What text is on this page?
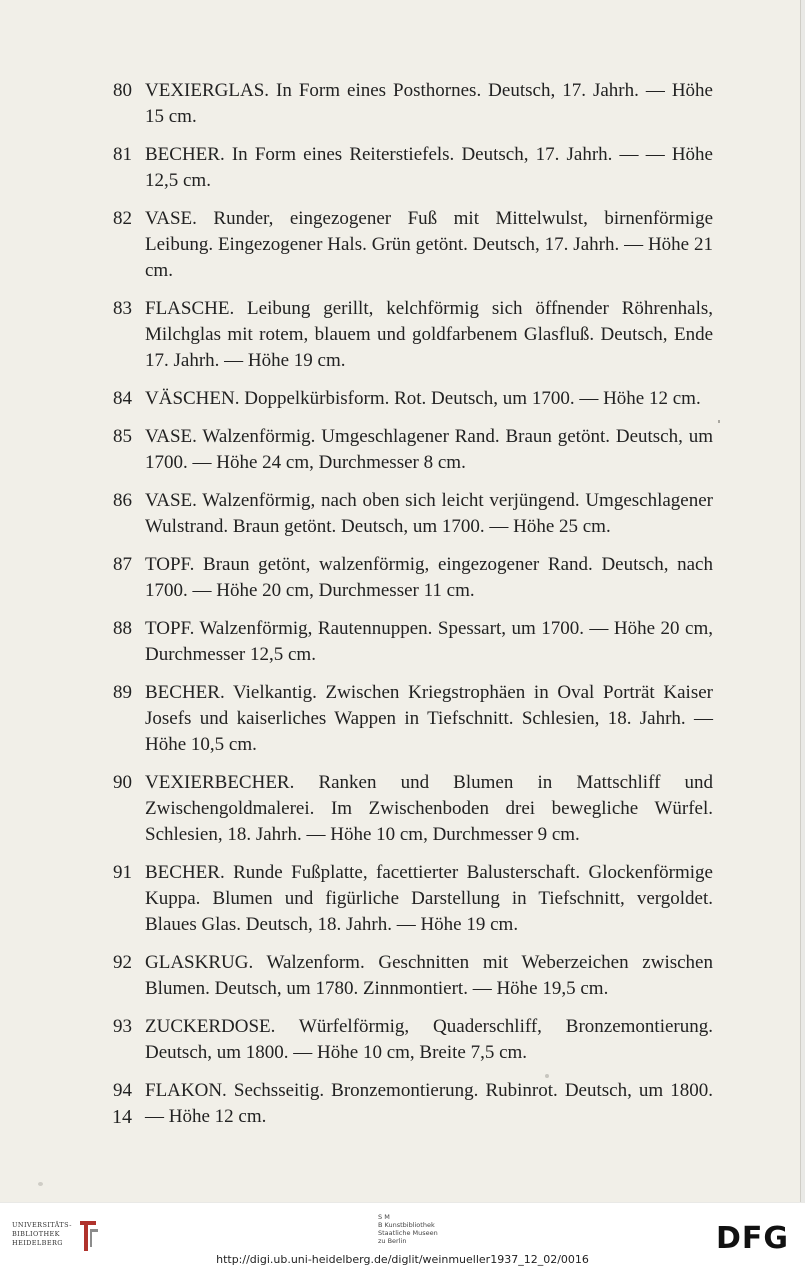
80 VEXIERGLAS. In Form eines Posthornes. Deutsch, 17. Jahrh. — Höhe 15 cm.
81 BECHER. In Form eines Reiterstiefels. Deutsch, 17. Jahrh. — — Höhe 12,5 cm.
82 VASE. Runder, eingezogener Fuß mit Mittelwulst, birnenförmige Leibung. Eingezogener Hals. Grün getönt. Deutsch, 17. Jahrh. — Höhe 21 cm.
83 FLASCHE. Leibung gerillt, kelchförmig sich öffnender Röhrenhals, Milchglas mit rotem, blauem und goldfarbenem Glasfluß. Deutsch, Ende 17. Jahrh. — Höhe 19 cm.
84 VÄSCHEN. Doppelkürbisform. Rot. Deutsch, um 1700. — Höhe 12 cm.
85 VASE. Walzenförmig. Umgeschlagener Rand. Braun getönt. Deutsch, um 1700. — Höhe 24 cm, Durchmesser 8 cm.
86 VASE. Walzenförmig, nach oben sich leicht verjüngend. Umgeschlagener Wulstrand. Braun getönt. Deutsch, um 1700. — Höhe 25 cm.
87 TOPF. Braun getönt, walzenförmig, eingezogener Rand. Deutsch, nach 1700. — Höhe 20 cm, Durchmesser 11 cm.
88 TOPF. Walzenförmig, Rautennuppen. Spessart, um 1700. — Höhe 20 cm, Durchmesser 12,5 cm.
89 BECHER. Vielkantig. Zwischen Kriegstrophäen in Oval Porträt Kaiser Josefs und kaiserliches Wappen in Tiefschnitt. Schlesien, 18. Jahrh. — Höhe 10,5 cm.
90 VEXIERBECHER. Ranken und Blumen in Mattschliff und Zwischengoldmalerei. Im Zwischenboden drei bewegliche Würfel. Schlesien, 18. Jahrh. — Höhe 10 cm, Durchmesser 9 cm.
91 BECHER. Runde Fußplatte, facettierter Balusterschaft. Glockenförmige Kuppa. Blumen und figürliche Darstellung in Tiefschnitt, vergoldet. Blaues Glas. Deutsch, 18. Jahrh. — Höhe 19 cm.
92 GLASKRUG. Walzenform. Geschnitten mit Weberzeichen zwischen Blumen. Deutsch, um 1780. Zinnmontiert. — Höhe 19,5 cm.
93 ZUCKERDOSE. Würfelförmig, Quaderschliff, Bronzemontierung. Deutsch, um 1800. — Höhe 10 cm, Breite 7,5 cm.
94 FLAKON. Sechsseitig. Bronzemontierung. Rubinrot. Deutsch, um 1800. — Höhe 12 cm.
14
UNIVERSITÄTS-
BIBLIOTHEK
HEIDELBERG
S M
B Kunstbibliothek
Staatliche Museen
zu Berlin	DFG
http://digi.ub.uni-heidelberg.de/diglit/weinmueller1937_12_02/0016
